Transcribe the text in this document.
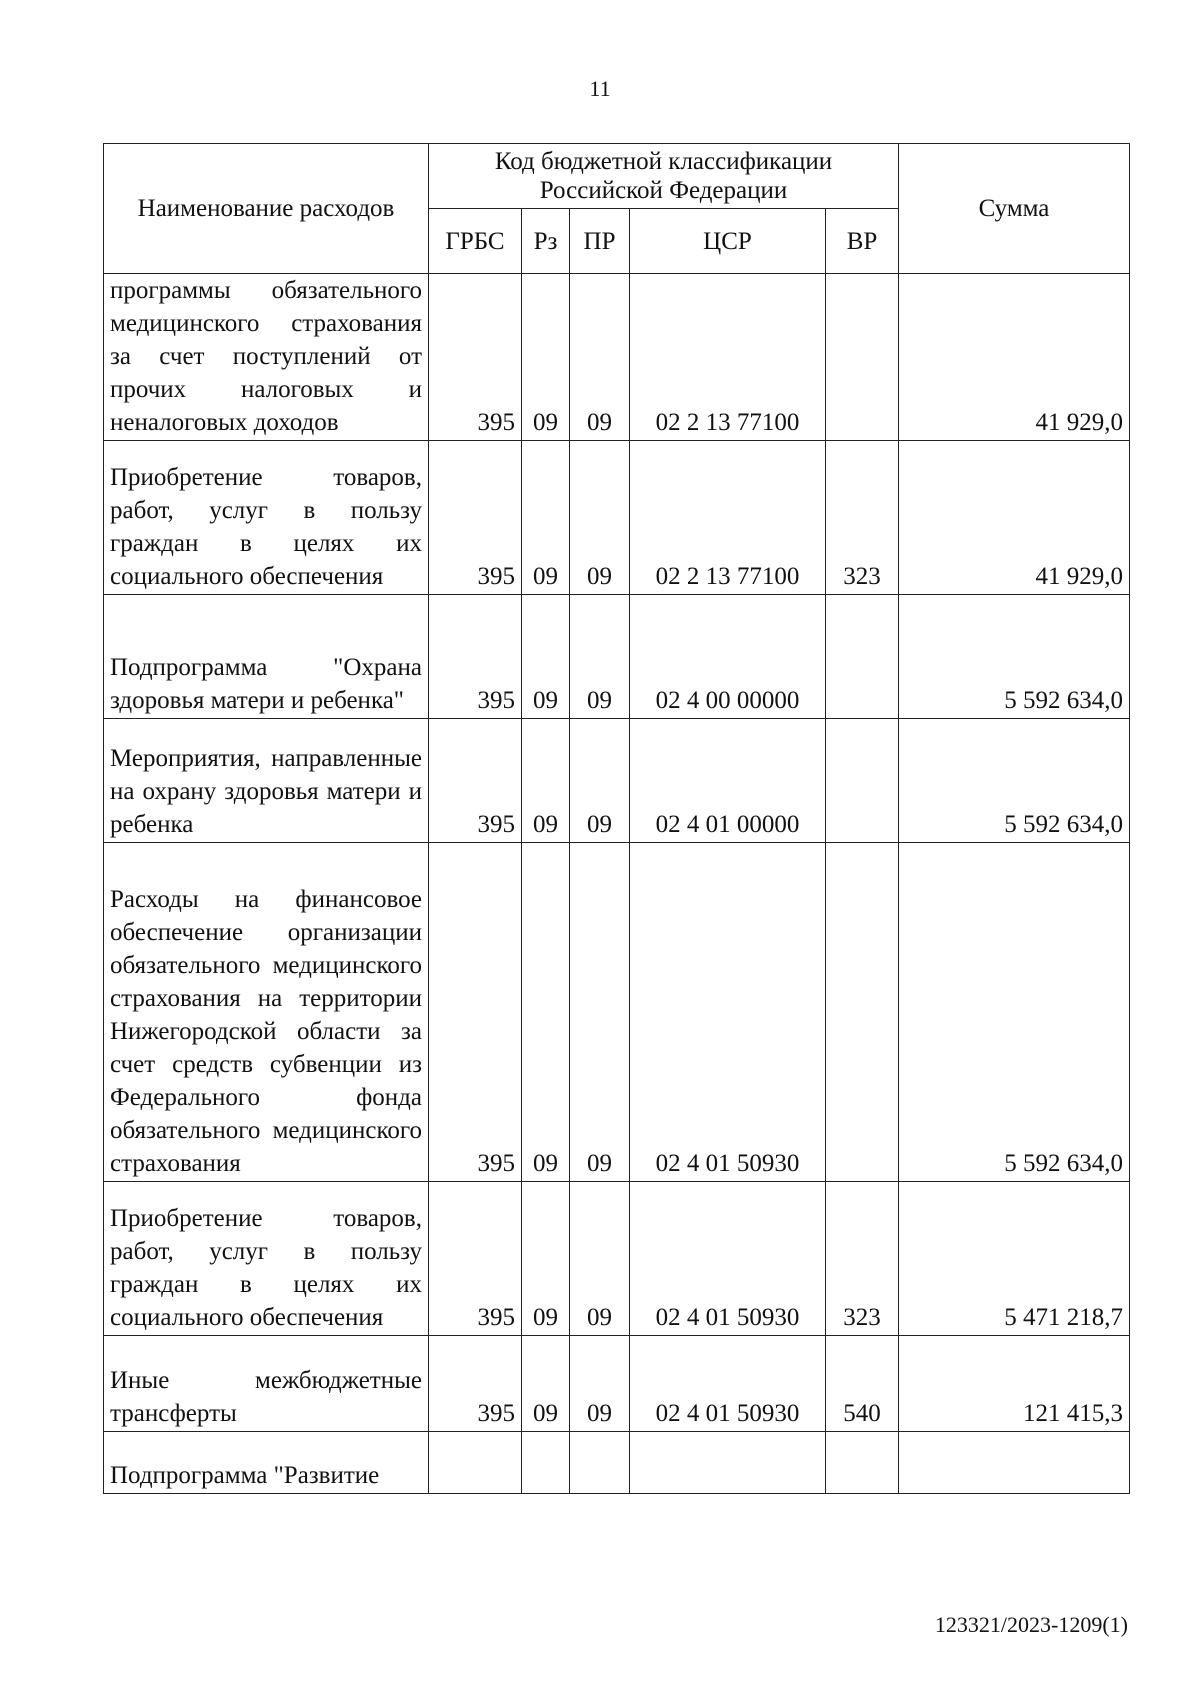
11
Наименование расходов	Код бюджетной классификации Российской Федерации					Сумма
	ГРБС	Рз	ПР	ЦСР	ВР	
программы обязательного медицинского страхования за счет поступлений от прочих налоговых и неналоговых доходов	395	09	09	02 2 13 77100		41 929,0
Приобретение товаров, работ, услуг в пользу граждан в целях их социального обеспечения	395	09	09	02 2 13 77100	323	41 929,0
Подпрограмма "Охрана здоровья матери и ребенка"	395	09	09	02 4 00 00000		5 592 634,0
Мероприятия, направленные на охрану здоровья матери и ребенка	395	09	09	02 4 01 00000		5 592 634,0
Расходы на финансовое обеспечение организации обязательного медицинского страхования на территории Нижегородской области за счет средств субвенции из Федерального фонда обязательного медицинского страхования	395	09	09	02 4 01 50930		5 592 634,0
Приобретение товаров, работ, услуг в пользу граждан в целях их социального обеспечения	395	09	09	02 4 01 50930	323	5 471 218,7
Иные межбюджетные трансферты	395	09	09	02 4 01 50930	540	121 415,3
Подпрограмма "Развитие						
123321/2023-1209(1)
